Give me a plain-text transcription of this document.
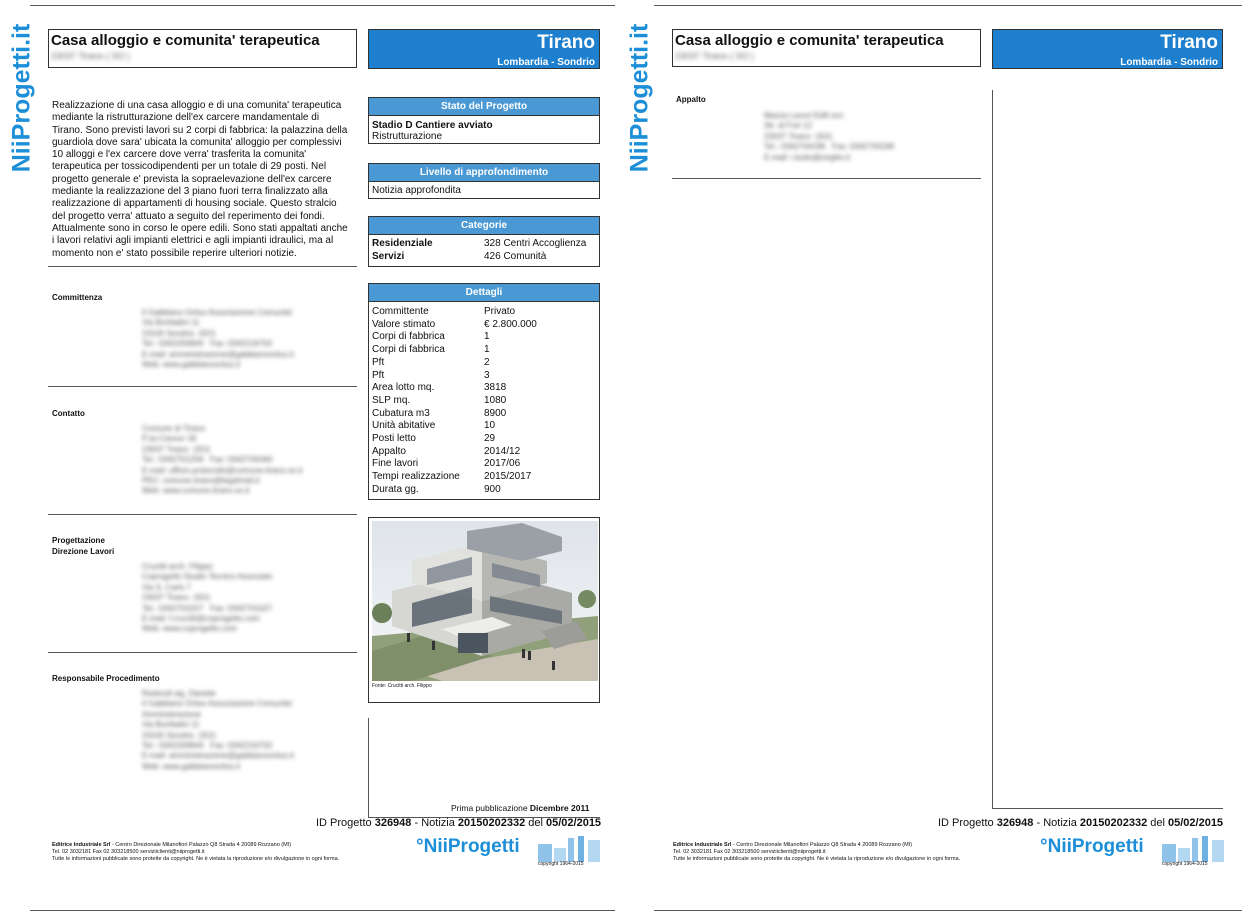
NiiProgetti.it Casa alloggio e comunita' terapeutica
23037 Tirano ( SO )
Tirano
Lombardia - Sondrio
Realizzazione di una casa alloggio e di una comunita' terapeutica mediante la ristrutturazione dell'ex carcere mandamentale di Tirano. Sono previsti lavori su 2 corpi di fabbrica: la palazzina della guardiola dove sara' ubicata la comunita' alloggio per complessivi 10 alloggi e l'ex carcere dove verra' trasferita la comunita' terapeutica per tossicodipendenti per un totale di 29 posti. Nel progetto generale e' prevista la sopraelevazione dell'ex carcere mediante la realizzazione del 3 piano fuori terra finalizzato alla realizzazione di appartamenti di housing sociale. Questo stralcio del progetto verra' attuato a seguito del reperimento dei fondi. Attualmente sono in corso le opere edili. Sono stati appaltati anche i lavori relativi agli impianti elettrici e agli impianti idraulici, ma al momento non e' stato possibile reperire ulteriori notizie.
Committenza
Il Gabbiano Onlus Associazione Comunita'
Via Bonfadini 11
23100 Sondrio  (SO)
Tel.: 0342200844   Fax: 0342216702
E-mail: amministrazione@gabbianoonlus.it
Web: www.gabbianoonlus.it
Contatto
Comune di Tirano
P.za Cavour 18
23037 Tirano  (SO)
Tel.: 0342701256   Fax: 0342704340
E-mail: ufficio.protocollo@comune.tirano.so.it
PEC: comune.tirano@legalmail.it
Web: www.comune.tirano.so.it
Progettazione
Direzione Lavori
Crucitti arch. Filippo
Coprogetto Studio Tecnico Associato
Via S. Carlo 7
23037 Tirano  (SO)
Tel.: 0342701027   Fax: 0342701027
E-mail: f.crucitti@coprogetto.com
Web: www.coprogetto.com
Responsabile Procedimento
Redondi sig. Daniele
Il Gabbiano Onlus Associazione Comunita'
Amministrazione
Via Bonfadini 11
23100 Sondrio  (SO)
Tel.: 0342200844   Fax: 0342216702
E-mail: amministrazione@gabbianoonlus.it
Web: www.gabbianoonlus.it
Stato del Progetto
Stadio D Cantiere avviato
Ristrutturazione
Livello di approfondimento
Notizia approfondita
Categorie
Residenziale	328 Centri Accoglienza
Servizi	426 Comunità
Dettagli
Committente	Privato
Valore stimato	€ 2.800.000
Corpi di fabbrica	1
Corpi di fabbrica	1
Pft	2
Pft	3
Area lotto mq.	3818
SLP mq.	1080
Cubatura m3	8900
Unità abitative	10
Posti letto	29
Appalto	2014/12
Fine lavori	2017/06
Tempi realizzazione	2015/2017
Durata gg.	900
Fonte: Crucitti arch. Filippo
Prima pubblicazione Dicembre 2011
ID Progetto 326948 - Notizia 20150202332 del 05/02/2015
Editrice Industriale Srl - Centro Direzionale Milanofiori Palazzo Q8 Strada 4 20089 Rozzano (MI)
Tel. 02 3032181 Fax 02 303218500 serviziiclienti@niiprogetti.it
Tutte le informazioni pubblicate sono protette da copyright. Ne è vietata la riproduzione e/o divulgazione in ogni forma.
°NiiProgetti
copyright 1964-2015
NiiProgetti.it Casa alloggio e comunita' terapeutica
23037 Tirano ( SO )
Tirano
Lombardia - Sondrio
Appalto
Mazza Lavori Edili snc
Str. di Fort 12
23037 Tirano  (SO)
Tel.: 0342704196   Fax: 0342704196
E-mail: i.butto@virgilio.it
ID Progetto 326948 - Notizia 20150202332 del 05/02/2015
Editrice Industriale Srl - Centro Direzionale Milanofiori Palazzo Q8 Strada 4 20089 Rozzano (MI)
Tel. 02 3032181 Fax 02 303218500 serviziiclienti@niiprogetti.it
Tutte le informazioni pubblicate sono protette da copyright. Ne è vietata la riproduzione e/o divulgazione in ogni forma.
°NiiProgetti
copyright 1964-2015
